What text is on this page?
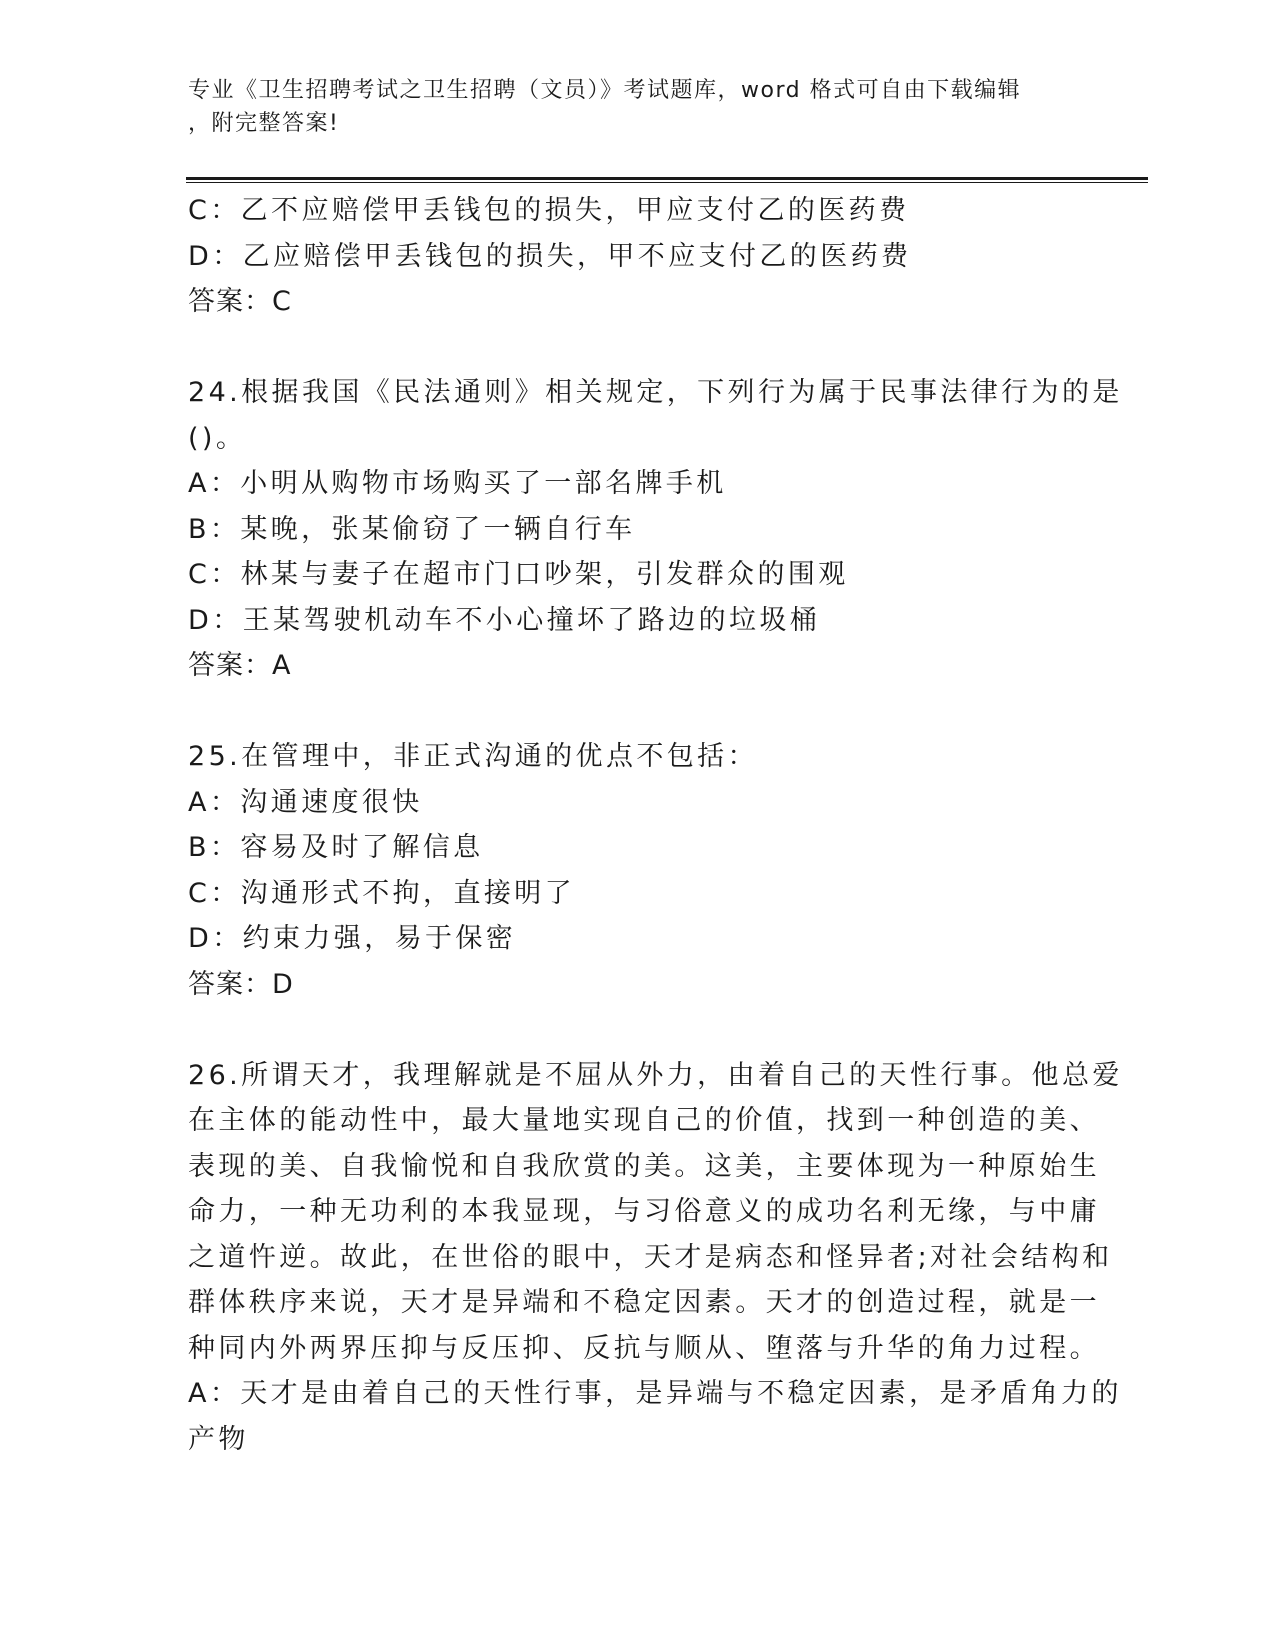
专业《卫生招聘考试之卫生招聘（文员）》考试题库，word 格式可自由下载编辑
，附完整答案!
C：乙不应赔偿甲丢钱包的损失，甲应支付乙的医药费
D：乙应赔偿甲丢钱包的损失，甲不应支付乙的医药费
答案：C
24.根据我国《民法通则》相关规定，下列行为属于民事法律行为的是
()。
A：小明从购物市场购买了一部名牌手机
B：某晚，张某偷窃了一辆自行车
C：林某与妻子在超市门口吵架，引发群众的围观
D：王某驾驶机动车不小心撞坏了路边的垃圾桶
答案：A
25.在管理中，非正式沟通的优点不包括：
A：沟通速度很快
B：容易及时了解信息
C：沟通形式不拘，直接明了
D：约束力强，易于保密
答案：D
26.所谓天才，我理解就是不屈从外力，由着自己的天性行事。他总爱
在主体的能动性中，最大量地实现自己的价值，找到一种创造的美、
表现的美、自我愉悦和自我欣赏的美。这美，主要体现为一种原始生
命力，一种无功利的本我显现，与习俗意义的成功名利无缘，与中庸
之道忤逆。故此，在世俗的眼中，天才是病态和怪异者;对社会结构和
群体秩序来说，天才是异端和不稳定因素。天才的创造过程，就是一
种同内外两界压抑与反压抑、反抗与顺从、堕落与升华的角力过程。
A：天才是由着自己的天性行事，是异端与不稳定因素，是矛盾角力的
产物
